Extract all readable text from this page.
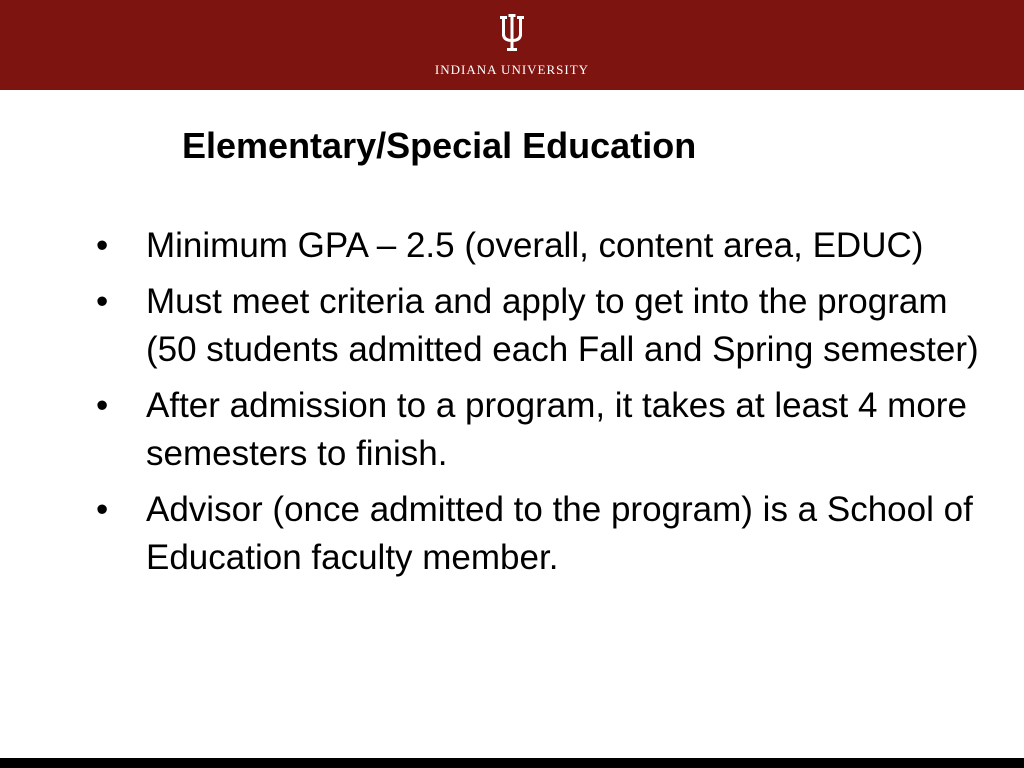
INDIANA UNIVERSITY
Elementary/Special Education
• Minimum GPA – 2.5 (overall, content area, EDUC)
• Must meet criteria and apply to get into the program (50 students admitted each Fall and Spring semester)
• After admission to a program, it takes at least 4 more semesters to finish.
• Advisor (once admitted to the program) is a School of Education faculty member.
